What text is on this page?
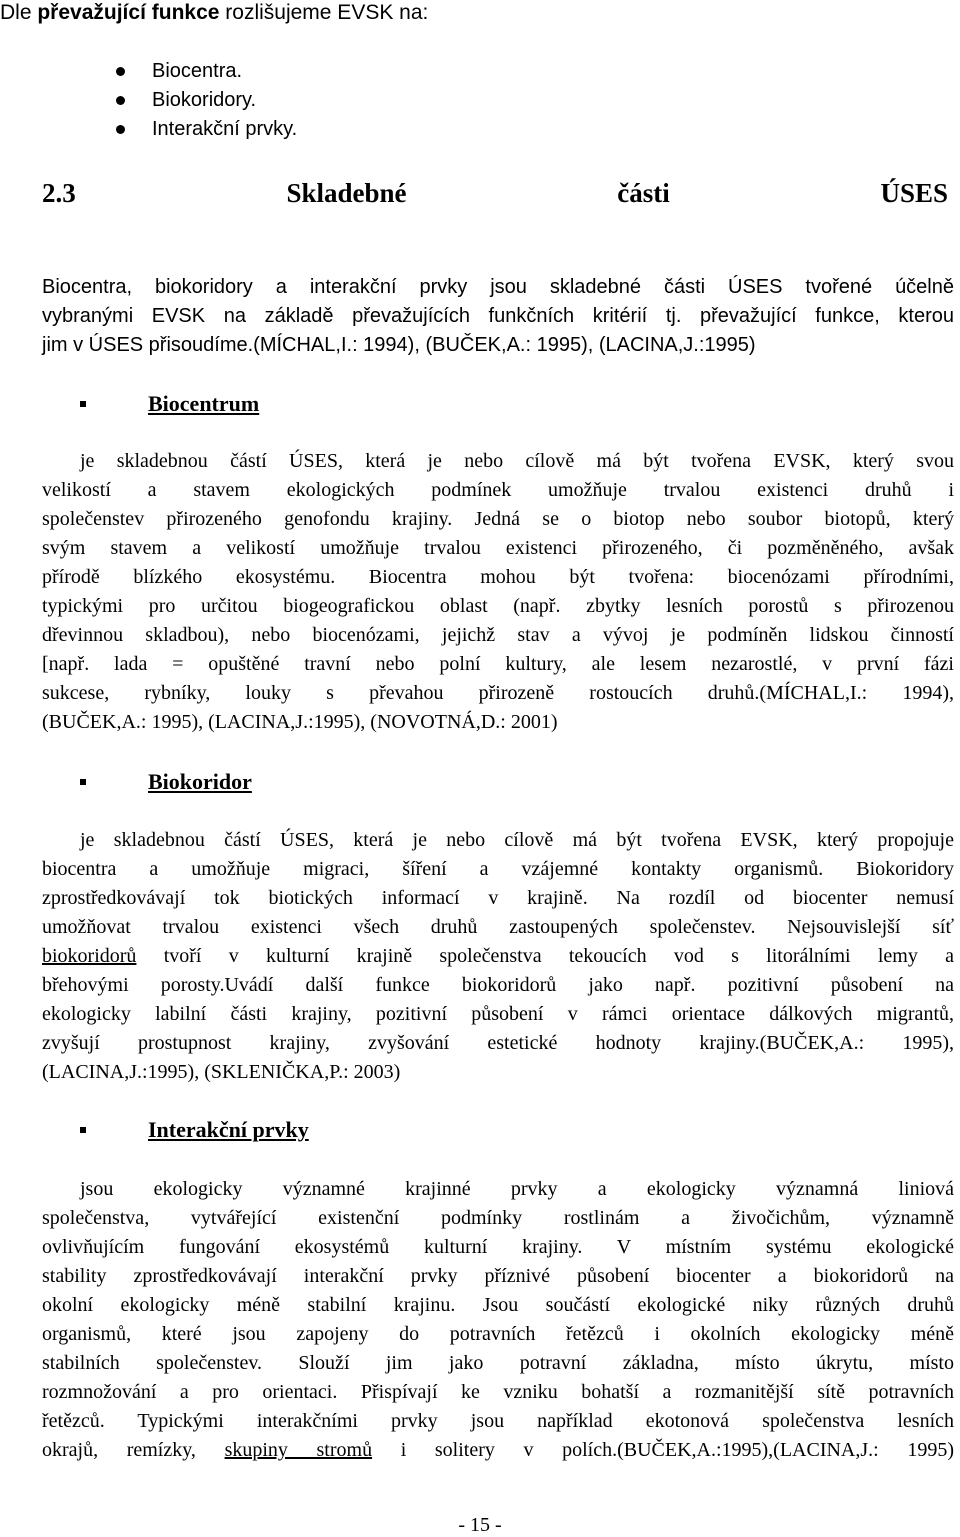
Dle převažující funkce rozlišujeme EVSK na:
Biocentra.
Biokoridory.
Interakční prvky.
2.3	Skladebné	části	ÚSES
Biocentra, biokoridory a interakční prvky jsou skladebné části ÚSES tvořené účelně
vybranými EVSK na základě převažujících funkčních kritérií tj. převažující funkce, kterou
jim v ÚSES přisoudíme.(MÍCHAL,I.: 1994), (BUČEK,A.: 1995), (LACINA,J.:1995)
Biocentrum
je skladebnou částí ÚSES, která je nebo cílově má být tvořena EVSK, který svou
velikostí a stavem ekologických podmínek umožňuje trvalou existenci druhů i
společenstev přirozeného genofondu krajiny. Jedná se o biotop nebo soubor biotopů, který
svým stavem a velikostí umožňuje trvalou existenci přirozeného, či pozměněného, avšak
přírodě blízkého ekosystému. Biocentra mohou být tvořena: biocenózami přírodními,
typickými pro určitou biogeografickou oblast (např. zbytky lesních porostů s přirozenou
dřevinnou skladbou), nebo biocenózami, jejichž stav a vývoj je podmíněn lidskou činností
[např. lada = opuštěné travní nebo polní kultury, ale lesem nezarostlé, v první fázi
sukcese, rybníky, louky s převahou přirozeně rostoucích druhů.(MÍCHAL,I.: 1994),
(BUČEK,A.: 1995), (LACINA,J.:1995), (NOVOTNÁ,D.: 2001)
Biokoridor
je skladebnou částí ÚSES, která je nebo cílově má být tvořena EVSK, který propojuje
biocentra a umožňuje migraci, šíření a vzájemné kontakty organismů. Biokoridory
zprostředkovávají tok biotických informací v krajině. Na rozdíl od biocenter nemusí
umožňovat trvalou existenci všech druhů zastoupených společenstev. Nejsouvislejší síť
biokoridorů tvoří v kulturní krajině společenstva tekoucích vod s litorálními lemy a
břehovými porosty.Uvádí další funkce biokoridorů jako např. pozitivní působení na
ekologicky labilní části krajiny, pozitivní působení v rámci orientace dálkových migrantů,
zvyšují prostupnost krajiny, zvyšování estetické hodnoty krajiny.(BUČEK,A.: 1995),
(LACINA,J.:1995), (SKLENIČKA,P.: 2003)
Interakční prvky
jsou ekologicky významné krajinné prvky a ekologicky významná liniová
společenstva, vytvářející existenční podmínky rostlinám a živočichům, významně
ovlivňujícím fungování ekosystémů kulturní krajiny. V místním systému ekologické
stability zprostředkovávají interakční prvky příznivé působení biocenter a biokoridorů na
okolní ekologicky méně stabilní krajinu. Jsou součástí ekologické niky různých druhů
organismů, které jsou zapojeny do potravních řetězců i okolních ekologicky méně
stabilních společenstev. Slouží jim jako potravní základna, místo úkrytu, místo
rozmnožování a pro orientaci. Přispívají ke vzniku bohatší a rozmanitější sítě potravních
řetězců. Typickými interakčními prvky jsou například ekotonová společenstva lesních
okrajů, remízky, skupiny stromů i solitery v polích.(BUČEK,A.:1995),(LACINA,J.: 1995)
- 15 -
